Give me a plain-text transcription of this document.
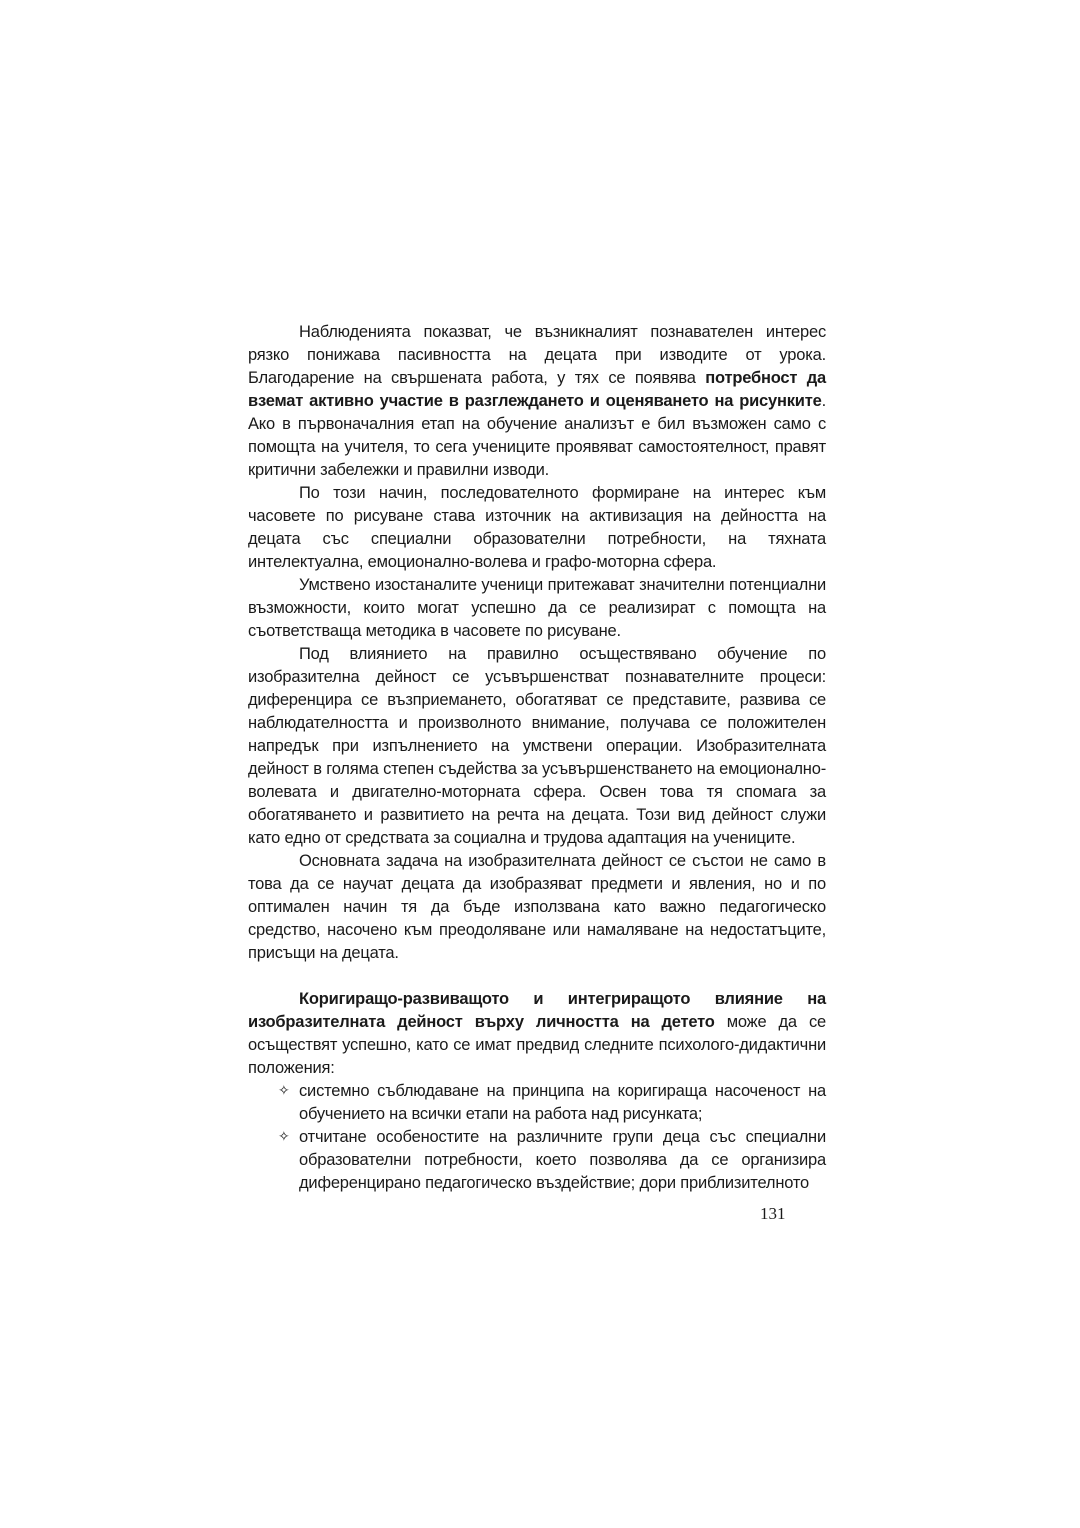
Наблюденията показват, че възникналият познавателен интерес рязко понижава пасивността на децата при изводите от урока. Благодарение на свършената работа, у тях се появява потребност да вземат активно участие в разглеждането и оценяването на рисунките. Ако в първоначалния етап на обучение анализът е бил възможен само с помощта на учителя, то сега учениците проявяват самостоятелност, правят критични забележки и правилни изводи.

По този начин, последователното формиране на интерес към часовете по рисуване става източник на активизация на дейността на децата със специални образователни потребности, на тяхната интелектуална, емоционално-волева и графо-моторна сфера.

Умствено изостаналите ученици притежават значителни потенциални възможности, които могат успешно да се реализират с помощта на съответстваща методика в часовете по рисуване.

Под влиянието на правилно осъществявано обучение по изобразителна дейност се усъвършенстват познавателните процеси: диференцира се възприемането, обогатяват се представите, развива се наблюдателността и произволното внимание, получава се положителен напредък при изпълнението на умствени операции. Изобразителната дейност в голяма степен съдейства за усъвършенстването на емоционално-волевата и двигателно-моторната сфера. Освен това тя спомага за обогатяването и развитието на речта на децата. Този вид дейност служи като едно от средствата за социална и трудова адаптация на учениците.

Основната задача на изобразителната дейност се състои не само в това да се научат децата да изобразяват предмети и явления, но и по оптимален начин тя да бъде използвана като важно педагогическо средство, насочено към преодоляване или намаляване на недостатъците, присъщи на децата.

Коригиращо-развиващото и интегриращото влияние на изобразителната дейност върху личността на детето може да се осъществят успешно, като се имат предвид следните психолого-дидактични положения:

✧ системно съблюдаване на принципа на коригираща насоченост на обучението на всички етапи на работа над рисунката;
✧ отчитане особеностите на различните групи деца със специални образователни потребности, което позволява да се организира диференцирано педагогическо въздействие; дори приблизителното
131
